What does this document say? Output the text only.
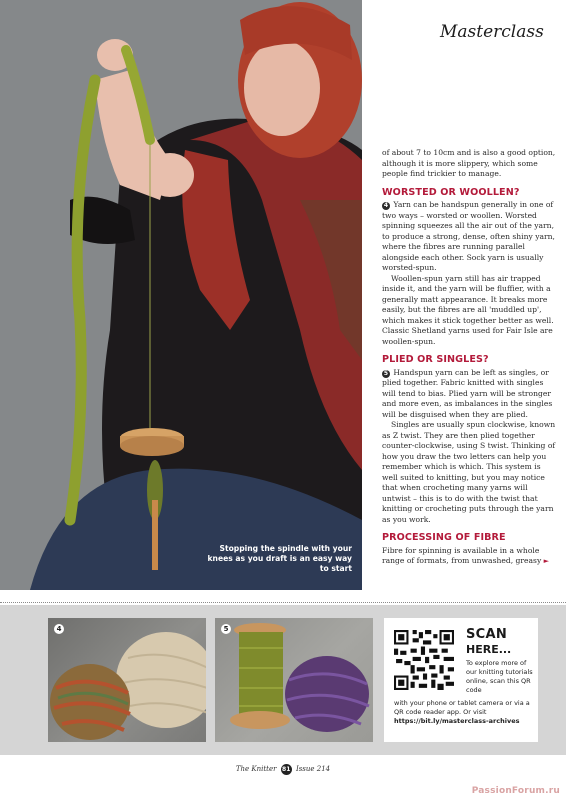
Stopping the spindle with your knees as you draft is an easy way to start
Masterclass

of about 7 to 10cm and is also a good option, although it is more slippery, which some people find trickier to manage.

WORSTED OR WOOLLEN?

4 Yarn can be handspun generally in one of two ways – worsted or woollen. Worsted spinning squeezes all the air out of the yarn, to produce a strong, dense, often shiny yarn, where the fibres are running parallel alongside each other. Sock yarn is usually worsted-spun.

Woollen-spun yarn still has air trapped inside it, and the yarn will be fluffier, with a generally matt appearance. It breaks more easily, but the fibres are all 'muddled up', which makes it stick together better as well. Classic Shetland yarns used for Fair Isle are woollen-spun.

PLIED OR SINGLES?

5 Handspun yarn can be left as singles, or plied together. Fabric knitted with singles will tend to bias. Plied yarn will be stronger and more even, as imbalances in the singles will be disguised when they are plied.

Singles are usually spun clockwise, known as Z twist. They are then plied together counter-clockwise, using S twist. Thinking of how you draw the two letters can help you remember which is which. This system is well suited to knitting, but you may notice that when crocheting many yarns will untwist – this is to do with the twist that knitting or crocheting puts through the yarn as you work.

PROCESSING OF FIBRE

Fibre for spinning is available in a whole range of formats, from unwashed, greasy ►

4	5	SCAN
HERE...
To explore more of our knitting tutorials online, scan this QR code
with your phone or tablet camera or via a QR code reader app. Or visit https://bit.ly/masterclass-archives
The Knitter 81 Issue 214
PassionForum.ru
